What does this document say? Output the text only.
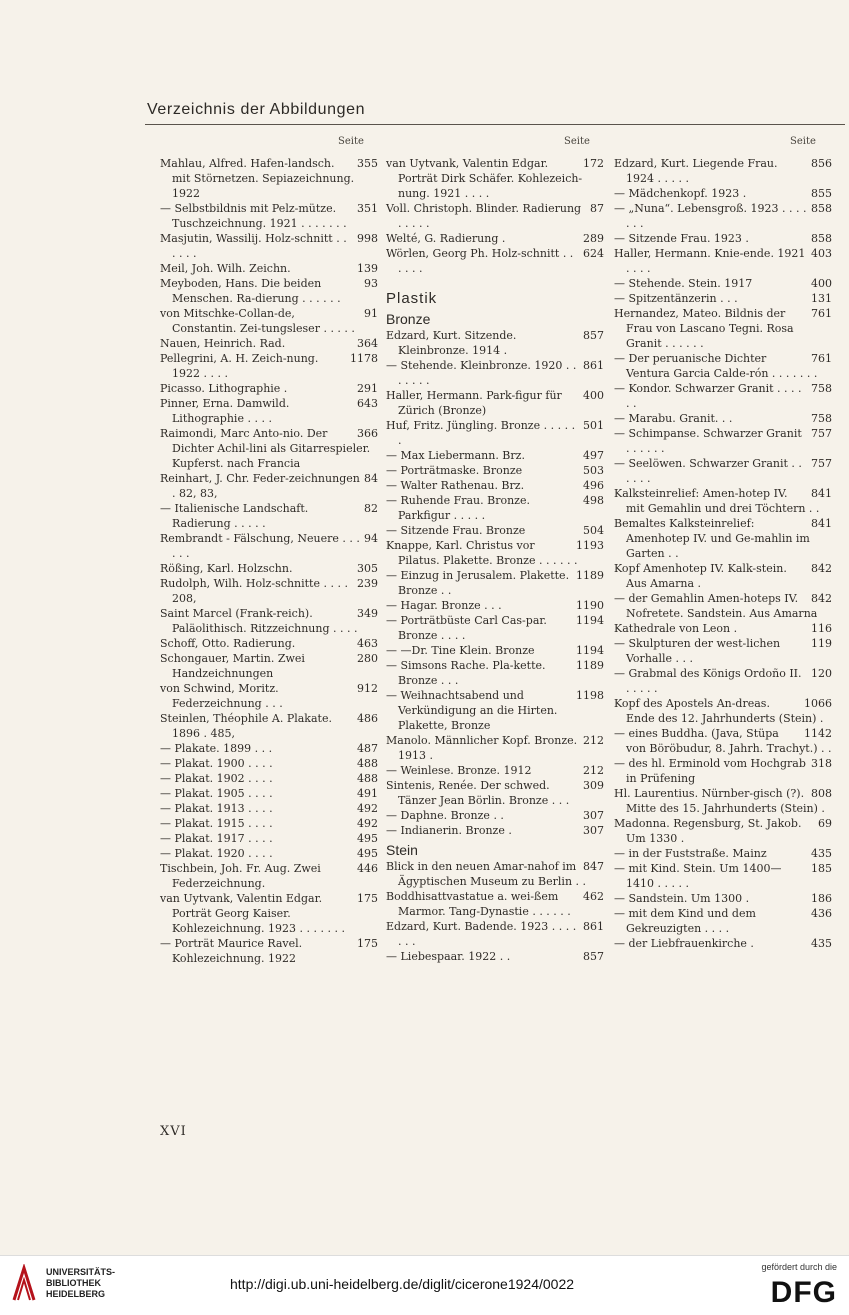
Verzeichnis der Abbildungen
Seite

355
Mahlau, Alfred. Hafen-landsch. mit Störnetzen. Sepiazeichnung. 1922

351
— Selbstbildnis mit Pelz-mütze. Tuschzeichnung. 1921 . . . . . . .

998
Masjutin, Wassilij. Holz-schnitt . . . . . .

139
Meil, Joh. Wilh. Zeichn.

93
Meyboden, Hans. Die beiden Menschen. Ra-dierung . . . . . .

91
von Mitschke-Collan-de, Constantin. Zei-tungsleser . . . . .

364
Nauen, Heinrich. Rad.

1178
Pellegrini, A. H. Zeich-nung. 1922 . . . .

291
Picasso. Lithographie .

643
Pinner, Erna. Damwild. Lithographie . . . .

366
Raimondi, Marc Anto-nio. Der Dichter Achil-lini als Gitarrespieler. Kupferst. nach Francia

84
Reinhart, J. Chr. Feder-zeichnungen . 82, 83,

82
— Italienische Landschaft. Radierung . . . . .

94
Rembrandt - Fälschung, Neuere . . . . . .

305
Rößing, Karl. Holzschn.

239
Rudolph, Wilh. Holz-schnitte . . . . 208,

349
Saint Marcel (Frank-reich). Paläolithisch. Ritzzeichnung . . . .

463
Schoff, Otto. Radierung.

280
Schongauer, Martin. Zwei Handzeichnungen

912
von Schwind, Moritz. Federzeichnung . . .

486
Steinlen, Théophile A. Plakate. 1896 . 485,

487
— Plakate. 1899 . . .

488
— Plakat. 1900 . . . .

488
— Plakat. 1902 . . . .

491
— Plakat. 1905 . . . .

492
— Plakat. 1913 . . . .

492
— Plakat. 1915 . . . .

495
— Plakat. 1917 . . . .

495
— Plakat. 1920 . . . .

446
Tischbein, Joh. Fr. Aug. Zwei Federzeichnung.

175
van Uytvank, Valentin Edgar. Porträt Georg Kaiser. Kohlezeichnung. 1923 . . . . . . .

175
— Porträt Maurice Ravel. Kohlezeichnung. 1922

Seite

172
van Uytvank, Valentin Edgar. Porträt Dirk Schäfer. Kohlezeich-nung. 1921 . . . .

87
Voll. Christoph. Blinder. Radierung . . . . .

289
Welté, G. Radierung .

624
Wörlen, Georg Ph. Holz-schnitt . . . . . .

Plastik
Bronze

857
Edzard, Kurt. Sitzende. Kleinbronze. 1914 .

861
— Stehende. Kleinbronze. 1920 . . . . . . .

400
Haller, Hermann. Park-figur für Zürich (Bronze)

501
Huf, Fritz. Jüngling. Bronze . . . . . .

497
— Max Liebermann. Brz.

503
— Porträtmaske. Bronze

496
— Walter Rathenau. Brz.

498
— Ruhende Frau. Bronze. Parkfigur . . . . .

504
— Sitzende Frau. Bronze

1193
Knappe, Karl. Christus vor Pilatus. Plakette. Bronze . . . . . .

1189
— Einzug in Jerusalem. Plakette. Bronze . .

1190
— Hagar. Bronze . . .

1194
— Porträtbüste Carl Cas-par. Bronze . . . .

1194
— —Dr. Tine Klein. Bronze

1189
— Simsons Rache. Pla-kette. Bronze . . .

1198
— Weihnachtsabend und Verkündigung an die Hirten. Plakette, Bronze

212
Manolo. Männlicher Kopf. Bronze. 1913 .

212
— Weinlese. Bronze. 1912

309
Sintenis, Renée. Der schwed. Tänzer Jean Börlin. Bronze . . .

307
— Daphne. Bronze . .

307
— Indianerin. Bronze .

Stein

847
Blick in den neuen Amar-nahof im Ägyptischen Museum zu Berlin . .

462
Boddhisattvastatue a. wei-ßem Marmor. Tang-Dynastie . . . . . .

861
Edzard, Kurt. Badende. 1923 . . . . . . .

857
— Liebespaar. 1922 . .

Seite

856
Edzard, Kurt. Liegende Frau. 1924 . . . . .

855
— Mädchenkopf. 1923 .

858
— „Nuna“. Lebensgroß. 1923 . . . . . . .

858
— Sitzende Frau. 1923 .

403
Haller, Hermann. Knie-ende. 1921 . . . .

400
— Stehende. Stein. 1917

131
— Spitzentänzerin . . .

761
Hernandez, Mateo. Bildnis der Frau von Lascano Tegni. Rosa Granit . . . . . .

761
— Der peruanische Dichter Ventura Garcia Calde-rón . . . . . . .

758
— Kondor. Schwarzer Granit . . . . . .

758
— Marabu. Granit. . .

757
— Schimpanse. Schwarzer Granit . . . . . .

757
— Seelöwen. Schwarzer Granit . . . . . .

841
Kalksteinrelief: Amen-hotep IV. mit Gemahlin und drei Töchtern . .

841
Bemaltes Kalksteinrelief: Amenhotep IV. und Ge-mahlin im Garten . .

842
Kopf Amenhotep IV. Kalk-stein. Aus Amarna .

842
— der Gemahlin Amen-hoteps IV. Nofretete. Sandstein. Aus Amarna

116
Kathedrale von Leon .

119
— Skulpturen der west-lichen Vorhalle . . .

120
— Grabmal des Königs Ordoño II. . . . . .

1066
Kopf des Apostels An-dreas. Ende des 12. Jahrhunderts (Stein) .

1142
— eines Buddha. (Java, Stüpa von Böröbudur, 8. Jahrh. Trachyt.) . .

318
— des hl. Erminold vom Hochgrab in Prüfening

808
Hl. Laurentius. Nürnber-gisch (?). Mitte des 15. Jahrhunderts (Stein) .

69
Madonna. Regensburg, St. Jakob. Um 1330 .

435
— in der Fuststraße. Mainz

185
— mit Kind. Stein. Um 1400—1410 . . . . .

186
— Sandstein. Um 1300 .

436
— mit dem Kind und dem Gekreuzigten . . . .

435
— der Liebfrauenkirche .

XVI
UNIVERSITÄTS-
BIBLIOTHEK
HEIDELBERG
http://digi.ub.uni-heidelberg.de/diglit/cicerone1924/0022
gefördert durch die
DFG
